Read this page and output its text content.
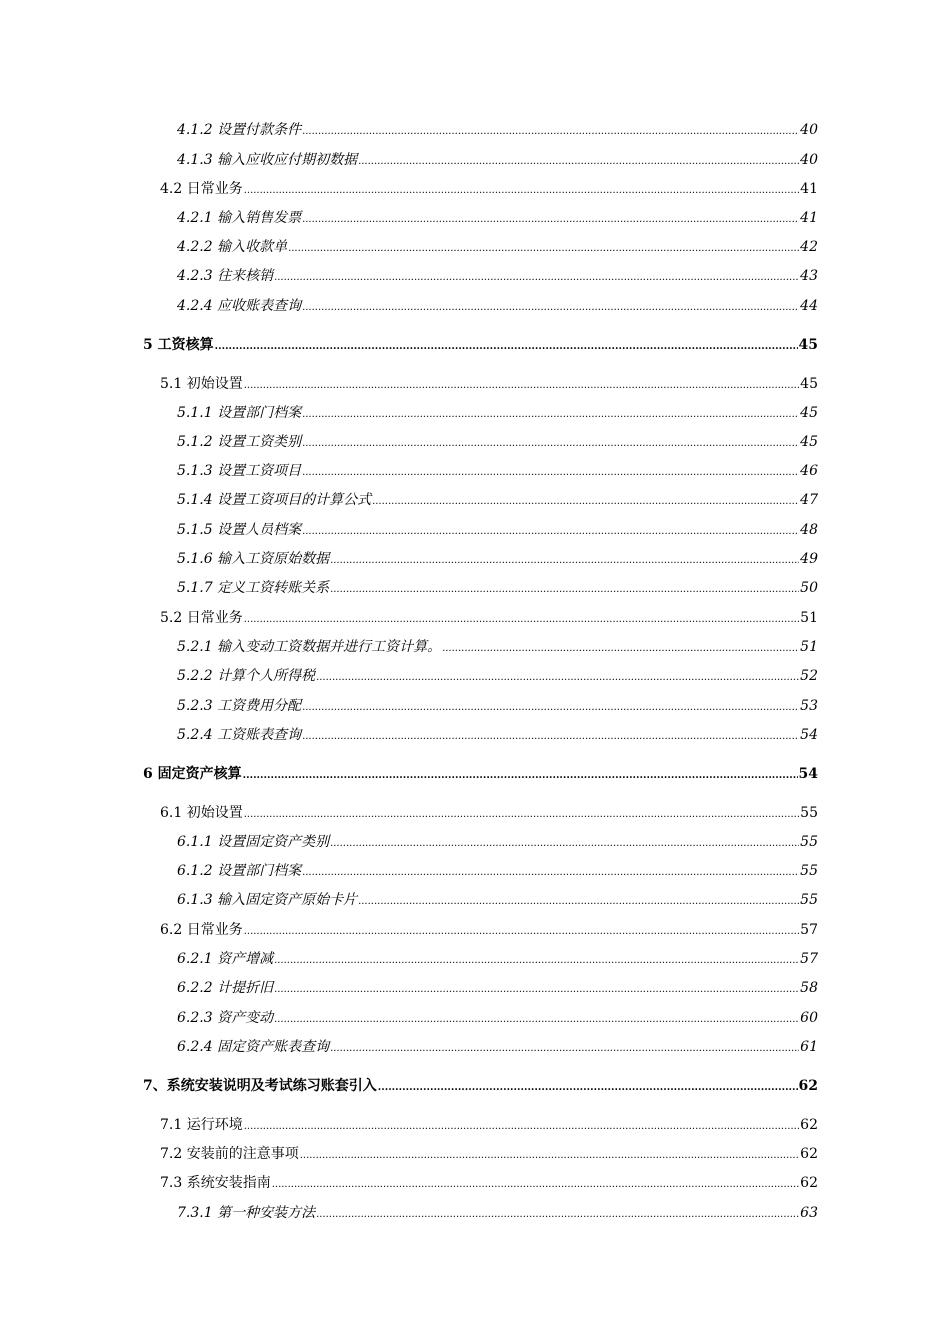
4.1.2 设置付款条件 .....	40
4.1.3 输入应收应付期初数据 .....	40
4.2 日常业务 .....	41
4.2.1 输入销售发票 .....	41
4.2.2 输入收款单 .....	42
4.2.3 往来核销 .....	43
4.2.4 应收账表查询 .....	44
5 工资核算 .....	45
5.1 初始设置 .....	45
5.1.1 设置部门档案 .....	45
5.1.2 设置工资类别 .....	45
5.1.3 设置工资项目 .....	46
5.1.4 设置工资项目的计算公式 .....	47
5.1.5 设置人员档案 .....	48
5.1.6 输入工资原始数据 .....	49
5.1.7 定义工资转账关系 .....	50
5.2 日常业务 .....	51
5.2.1 输入变动工资数据并进行工资计算。 .....	51
5.2.2 计算个人所得税 .....	52
5.2.3 工资费用分配 .....	53
5.2.4 工资账表查询 .....	54
6 固定资产核算 .....	54
6.1 初始设置 .....	55
6.1.1 设置固定资产类别 .....	55
6.1.2 设置部门档案 .....	55
6.1.3 输入固定资产原始卡片 .....	55
6.2 日常业务 .....	57
6.2.1 资产增减 .....	57
6.2.2 计提折旧 .....	58
6.2.3 资产变动 .....	60
6.2.4 固定资产账表查询 .....	61
7、系统安装说明及考试练习账套引入 .....	62
7.1 运行环境 .....	62
7.2 安装前的注意事项 .....	62
7.3 系统安装指南 .....	62
7.3.1 第一种安装方法 .....	63
